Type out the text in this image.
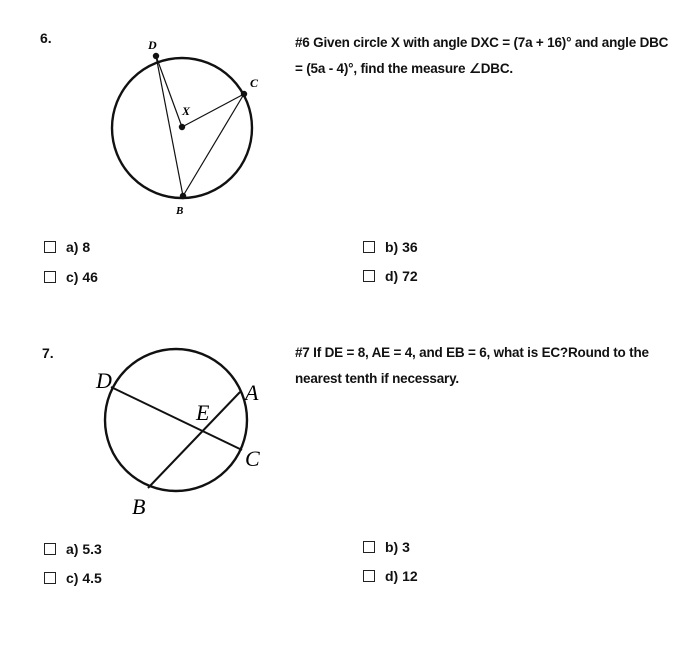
6.	D
C
X
B
#6 Given circle X with angle DXC = (7a + 16)° and angle DBC
= (5a - 4)°, find the measure ∠DBC.
a) 8	b) 36
c) 46	d) 72
7.
D	A
E
C
B
#7 If DE = 8, AE = 4, and EB = 6, what is EC?Round to the
nearest tenth if necessary.
a) 5.3	b) 3
c) 4.5	d) 12
